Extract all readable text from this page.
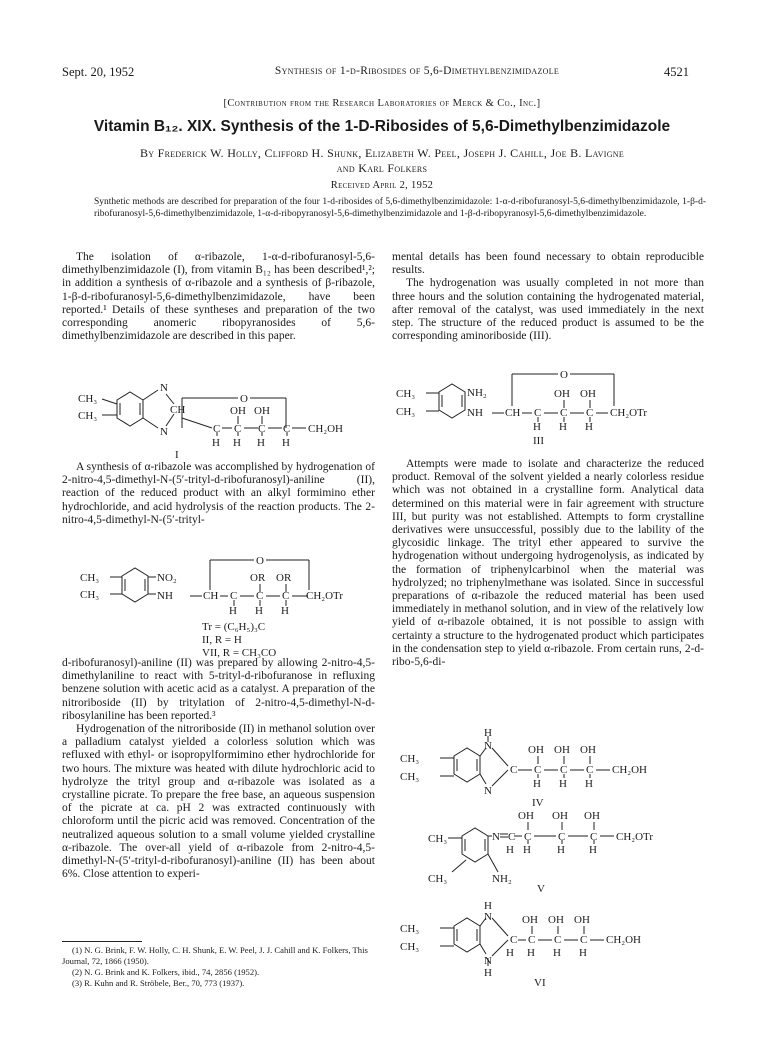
Sept. 20, 1952	Synthesis of 1-d-Ribosides of 5,6-Dimethylbenzimidazole	4521
[Contribution from the Research Laboratories of Merck & Co., Inc.]
Vitamin B₁₂. XIX. Synthesis of the 1-D-Ribosides of 5,6-Dimethylbenzimidazole
By Frederick W. Holly, Clifford H. Shunk, Elizabeth W. Peel, Joseph J. Cahill, Joe B. Lavigne
and Karl Folkers
Received April 2, 1952
Synthetic methods are described for preparation of the four 1-d-ribosides of 5,6-dimethylbenzimidazole: 1-α-d-ribofuranosyl-5,6-dimethylbenzimidazole, 1-β-d-ribofuranosyl-5,6-dimethylbenzimidazole, 1-α-d-ribopyranosyl-5,6-dimethylbenzimidazole and 1-β-d-ribopyranosyl-5,6-dimethylbenzimidazole.

The isolation of α-ribazole, 1-α-d-ribofuranosyl-5,6-dimethylbenzimidazole (I), from vitamin B₁₂ has been described¹,²; in addition a synthesis of α-ribazole and a synthesis of β-ribazole, 1-β-d-ribofuranosyl-5,6-dimethylbenzimidazole, have been reported.¹ Details of these syntheses and preparation of the two corresponding anomeric ribopyranosides of 5,6-dimethylbenzimidazole are described in this paper.

CH₃
CH₃
N
N
CH
O
OH OH
C C C C CH₂OH
H H H H
I

A synthesis of α-ribazole was accomplished by hydrogenation of 2-nitro-4,5-dimethyl-N-(5′-trityl-d-ribofuranosyl)-aniline (II), reaction of the reduced product with an alkyl formimino ether hydrochloride, and acid hydrolysis of the reaction products. The 2-nitro-4,5-dimethyl-N-(5′-trityl-

CH₃
CH₃
NO₂
NH	CH
O
OR OR
C C C CH₂OTr
H H H
Tr = (C₆H₅)₃C
II, R = H
VII, R = CH₃CO

d-ribofuranosyl)-aniline (II) was prepared by allowing 2-nitro-4,5-dimethylaniline to react with 5-trityl-d-ribofuranose in refluxing benzene solution with acetic acid as a catalyst. A preparation of the nitroriboside (II) by tritylation of 2-nitro-4,5-dimethyl-N-d-ribosylaniline has been reported.³

Hydrogenation of the nitroriboside (II) in methanol solution over a palladium catalyst yielded a colorless solution which was refluxed with ethyl- or isopropylformimino ether hydrochloride for two hours. The mixture was heated with dilute hydrochloric acid to hydrolyze the trityl group and α-ribazole was isolated as a crystalline picrate. To prepare the free base, an aqueous suspension of the picrate at ca. pH 2 was extracted continuously with chloroform until the picric acid was removed. Concentration of the neutralized aqueous solution to a small volume yielded crystalline α-ribazole. The over-all yield of α-ribazole from 2-nitro-4,5-dimethyl-N-(5′-trityl-d-ribofuranosyl)-aniline (II) has been about 6%. Close attention to experi-

(1) N. G. Brink, F. W. Holly, C. H. Shunk, E. W. Peel, J. J. Cahill and K. Folkers, This Journal, 72, 1866 (1950).

(2) N. G. Brink and K. Folkers, ibid., 74, 2856 (1952).

(3) R. Kuhn and R. Ströbele, Ber., 70, 773 (1937).

mental details has been found necessary to obtain reproducible results.

The hydrogenation was usually completed in not more than three hours and the solution containing the hydrogenated material, after removal of the catalyst, was used immediately in the next step. The structure of the reduced product is assumed to be the corresponding aminoriboside (III).

CH₃
CH₃
NH₂
NH CH
O
OH OH
C C C CH₂OTr
H H H
III

Attempts were made to isolate and characterize the reduced product. Removal of the solvent yielded a nearly colorless residue which was not obtained in a crystalline form. Analytical data determined on this material were in fair agreement with structure III, but purity was not established. Attempts to form crystalline derivatives were unsuccessful, possibly due to the lability of the glycosidic linkage. The trityl ether appeared to survive the hydrogenation without undergoing hydrogenolysis, as indicated by the formation of triphenylcarbinol when the material was hydrolyzed; no triphenylmethane was isolated. Since in successful preparations of α-ribazole the reduced material has been used immediately in methanol solution, and in view of the relatively low yield of α-ribazole obtained, it is not possible to assign with certainty a structure to the hydrogenated product which participates in the condensation step to yield α-ribazole. From certain runs, 2-d-ribo-5,6-di-

H
N
N
CH₃
CH₃
C
OH OH OH
C C C CH₂OH
H H H
IV
CH₃
CH₃
N C
OH OH OH
C C C CH₂OTr
H H H H
NH₂
V
H
N
N
H
CH₃
CH₃
C
OH OH OH
C C C CH₂OH
H H H H
VI
